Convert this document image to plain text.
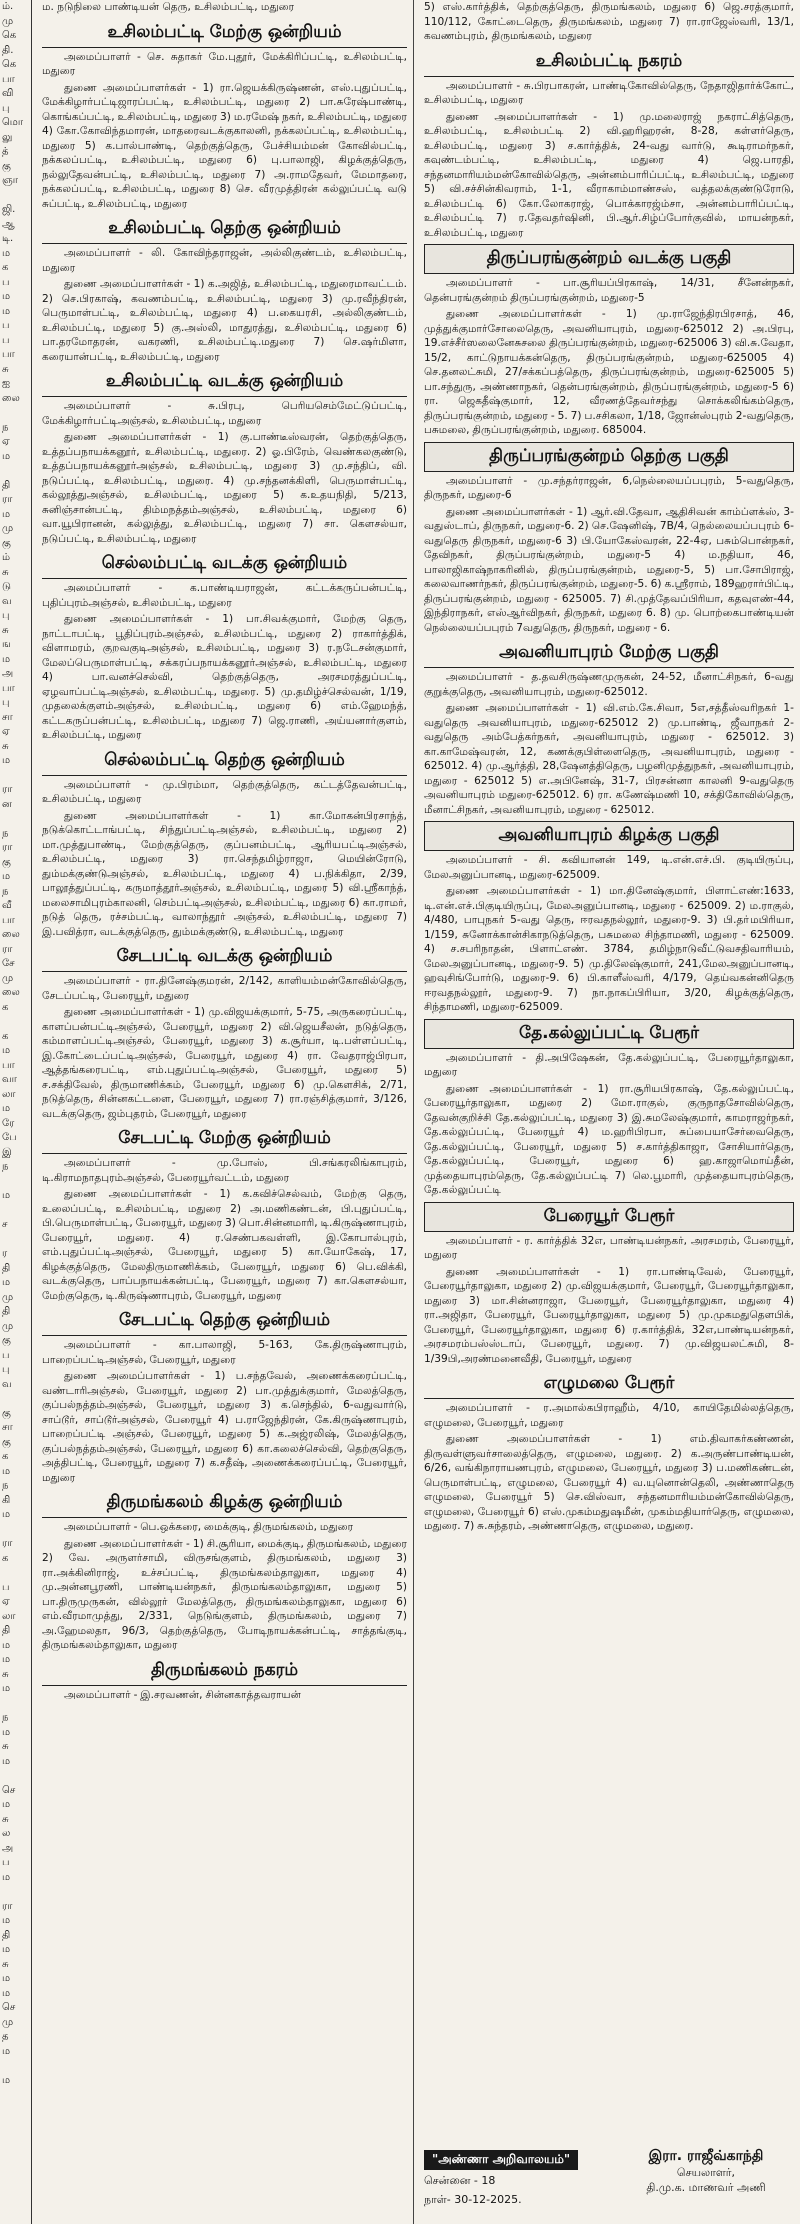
ம்.
மு
கெ
தி.
கெ
பா
வி
பு
மொ
லு
த்
கு
ஞா
ஜி.
ஆ
டி.
ம
க
ப
ம
ம
ப
ப
பா
சு
ஐ
லை
ந
ஏ
ம
தி
ரா
ம
மு
கு
ம்
சு
டு
வ
பு
சு
ங
ம
அ
பா
பு
சா
ஏ
சு
ம
ரா
ன
ந
ரா
கு
ம
ந
வீ
பா
லை
ரா
சே
மு
லை
க
க
ம
பா
வா
லா
ம
ரே
பே
இ
ந
ம
ச
ர
தி
ம
மு
தி
மு
கு
ப
பு
வ
கு
சா
கு
க
ம
ந
கி
ம
ரா
க
ப
ஏ
லா
தி
ம
ம
சு
ம
ந
ம
சு
ம
செ
ம
சு
ல
அ
ப
ம
ரா
ம
தி
ம
சு
ம
ம
செ
மு
த
ம
ம

ம. நடுநிலை பாண்டியன் தெரு, உசிலம்பட்டி, மதுரை

உசிலம்பட்டி மேற்கு ஒன்றியம்

அமைப்பாளர் - செ. சுதாகர் மே.புதூர், மேக்கிரிப்பட்டி, உசிலம்பட்டி, மதுரை

துணை அமைப்பாளர்கள் - 1) ரா.ஜெயக்கிருஷ்ணன், எஸ்.புதுப்பட்டி, மேக்கிழார்பட்டிஜாரப்பட்டி, உசிலம்பட்டி, மதுரை 2) பா.சுரேஷ்பாண்டி, கொங்கப்பட்டி, உசிலம்பட்டி, மதுரை 3) ம.ரமேஷ் நகர், உசிலம்பட்டி, மதுரை 4) கோ.கோவிந்தமாரன், மாதரைவடக்குகாலனி, நக்கலப்பட்டி, உசிலம்பட்டி, மதுரை 5) க.பால்பாண்டி, தெற்குத்தெரு, பேச்சியம்மன் கோவில்பட்டி, நக்கலப்பட்டி, உசிலம்பட்டி, மதுரை 6) பு.பாலாஜி, கிழக்குத்தெரு, நல்லுதேவன்பட்டி, உசிலம்பட்டி, மதுரை 7) அ.ராமதேவர், மேமாதரை, நக்கலப்பட்டி, உசிலம்பட்டி, மதுரை 8) செ. வீரமுத்திரன் கல்லுப்பட்டி வடு சுப்பட்டி, உசிலம்பட்டி, மதுரை

உசிலம்பட்டி தெற்கு ஒன்றியம்

அமைப்பாளர் - லி. கோவிந்தராஜன், அல்லிகுண்டம், உசிலம்பட்டி, மதுரை

துணை அமைப்பாளர்கள் - 1) க.அஜித், உசிலம்பட்டி, மதுரைமாவட்டம். 2) செ.பிரகாஷ், கவணம்பட்டி, உசிலம்பட்டி, மதுரை 3) மு.ரவீந்திரன், பெருமாள்பட்டி, உசிலம்பட்டி, மதுரை 4) ப.கையரசி, அல்லிகுண்டம், உசிலம்பட்டி, மதுரை 5) கு.அஸ்லி, மாதுரத்து, உசிலம்பட்டி, மதுரை 6) பா.தரமோதரன், வகரணி, உசிலம்பட்டி.மதுரை 7) செ.ஷர்மிளா, கரையான்பட்டி, உசிலம்பட்டி, மதுரை

உசிலம்பட்டி வடக்கு ஒன்றியம்

அமைப்பாளர் - சு.பிரபு, பெரியசெம்மேட்டுப்பட்டி, மேக்கிழார்பட்டிஅஞ்சல், உசிலம்பட்டி, மதுரை

துணை அமைப்பாளர்கள் - 1) கு.பாண்டீஸ்வரன், தெற்குத்தெரு, உத்தப்பநாயக்கனூர், உசிலம்பட்டி, மதுரை. 2) ஓ.பிரேம், வெண்கலகுண்டு, உத்தப்பநாயக்கனூர்அஞ்சல், உசிலம்பட்டி, மதுரை 3) மு.சந்திப், வி. நடுப்பட்டி, உசிலம்பட்டி, மதுரை. 4) மு.சந்தனக்கிளி, பெருமாள்பட்டி, கல்லூத்துஅஞ்சல், உசிலம்பட்டி, மதுரை 5) க.உதயநிதி, 5/213, சுனிஞ்சான்பட்டி, திம்மநத்தம்அஞ்சல், உசிலம்பட்டி, மதுரை 6) வா.யூபிரானன், கல்லுத்து, உசிலம்பட்டி, மதுரை 7) சா. கௌசல்யா, நடுப்பட்டி, உசிலம்பட்டி, மதுரை

செல்லம்பட்டி வடக்கு ஒன்றியம்

அமைப்பாளர் - க.பாண்டியராஜன், கட்டக்கருப்பன்பட்டி, புதிப்புரம்அஞ்சல், உசிலம்பட்டி, மதுரை

துணை அமைப்பாளர்கள் - 1) பா.சிவக்குமார், மேற்கு தெரு, நாட்டாபட்டி, பூதிப்புரம்அஞ்சல், உசிலம்பட்டி, மதுரை 2) ராகார்த்திக், விளாமரம், குறவகுடிஅஞ்சல், உசிலம்பட்டி, மதுரை 3) ர.நடேசன்குமார், மேலப்பெருமாள்பட்டி, சக்கரப்பநாயக்கனூர்அஞ்சல், உசிலம்பட்டி, மதுரை 4) பா.வனச்செல்வி, தெற்குத்தெரு, அரசமரத்துப்பட்டி, ஏழவாப்பட்டிஅஞ்சல், உசிலம்பட்டி, மதுரை. 5) மு.தமிழ்ச்செல்வன், 1/19, முதலைக்குளம்அஞ்சல், உசிலம்பட்டி, மதுரை 6) எம்.ஹேமந்த், கட்டகருப்பன்பட்டி, உசிலம்பட்டி, மதுரை 7) ஜெ.ராணி, அய்யனார்குளம், உசிலம்பட்டி, மதுரை

செல்லம்பட்டி தெற்கு ஒன்றியம்

அமைப்பாளர் - மு.பிரம்மா, தெற்குத்தெரு, கட்டத்தேவன்பட்டி, உசிலம்பட்டி, மதுரை

துணை அமைப்பாளர்கள் - 1) கா.மோகன்பிரசாந்த், நடுக்கொட்டாங்பட்டி, சிந்துப்பட்டிஅஞ்சல், உசிலம்பட்டி, மதுரை 2) மா.முத்துபாண்டி, மேற்குத்தெரு, குப்பனம்பட்டி, ஆரியபட்டிஅஞ்சல், உசிலம்பட்டி, மதுரை 3) ரா.செந்தமிழ்ராஜா, மெயின்ரோடு, தும்மக்குண்டுஅஞ்சல், உசிலம்பட்டி, மதுரை 4) ப.நிக்கிதா, 2/39, பாலூத்துப்பட்டி, கருமாத்தூர்அஞ்சல், உசிலம்பட்டி, மதுரை 5) வி.ஸ்ரீகாந்த், மலைசாமிபுரம்காலனி, செம்பட்டிஅஞ்சல், உசிலம்பட்டி, மதுரை 6) கா.ராமர், நடுத் தெரு, ரச்சம்பட்டி, வாலாந்தூர் அஞ்சல், உசிலம்பட்டி, மதுரை 7) இ.பவித்ரா, வடக்குத்தெரு, தும்மக்குண்டு, உசிலம்பட்டி, மதுரை

சேடபட்டி வடக்கு ஒன்றியம்

அமைப்பாளர் - ரா.தினேஷ்குமரன், 2/142, காளியம்மன்கோவில்தெரு, சேடப்பட்டி, பேரையூர், மதுரை

துணை அமைப்பாளர்கள் - 1) மு.விஜயக்குமார், 5-75, அருகரைப்பட்டி, காளப்பன்பட்டிஅஞ்சல், பேரையூர், மதுரை 2) வி.ஜெயசீலன், நடுத்தெரு, கம்மாளப்பட்டிஅஞ்சல், பேரையூர், மதுரை 3) க.சூர்யா, டி.பள்ளப்பட்டி, இ.கோட்டைப்பட்டிஅஞ்சல், பேரையூர், மதுரை 4) ரா. வேதராஜ்பிரபா, ஆத்தங்கரைபட்டி, எம்.புதுப்பட்டிஅஞ்சல், பேரையூர், மதுரை 5) ச.சக்திவேல், திருமாணிக்கம், பேரையூர், மதுரை 6) மு.கௌசிக், 2/71, நடுத்தெரு, சின்னகட்டளை, பேரையூர், மதுரை 7) ரா.ரஞ்சித்குமார், 3/126, வடக்குதெரு, ஜம்புதரம், பேரையூர், மதுரை

சேடபட்டி மேற்கு ஒன்றியம்

அமைப்பாளர் - மு.போஸ், பி.சங்கரலிங்காபுரம், டி.கிராமநாதபுரம்அஞ்சல், பேரையூர்வட்டம், மதுரை

துணை அமைப்பாளர்கள் - 1) க.கவிச்செல்வம், மேற்கு தெரு, உலைப்பட்டி, உசிலம்பட்டி, மதுரை 2) அ.மணிகண்டன், பி.புதுப்பட்டி, பி.பெருமாள்பட்டி, பேரையூர், மதுரை 3) பொ.சின்னமாரி, டி.கிருஷ்ணாபுரம், பேரையூர், மதுரை. 4) ர.செண்பகவள்ளி, இ.கோபால்புரம், எம்.புதுப்பட்டிஅஞ்சல், பேரையூர், மதுரை 5) கா.யோகேஷ், 17, கிழக்குத்தெரு, மேலதிருமாணிக்கம், பேரையூர், மதுரை 6) பெ.விக்கி, வடக்குதெரு, பாப்பநாயக்கன்பட்டி, பேரையூர், மதுரை 7) கா.கௌசல்யா, மேற்குதெரு, டி.கிருஷ்ணாபுரம், பேரையூர், மதுரை

சேடபட்டி தெற்கு ஒன்றியம்

அமைப்பாளர் - கா.பாலாஜி, 5-163, கே.திருஷ்ணாபுரம், பாறைப்பட்டிஅஞ்சல், பேரையூர், மதுரை

துணை அமைப்பாளர்கள் - 1) ப.சந்தவேல், அணைக்கரைப்பட்டி, வண்டாரிஅஞ்சல், பேரையூர், மதுரை 2) பா.முத்துக்குமார், மேலத்தெரு, குப்பல்நத்தம்அஞ்சல், பேரையூர், மதுரை 3) க.செந்தில், 6-வதுவார்டு, சாப்டூர், சாப்டூர்அஞ்சல், பேரையூர் 4) ப.ராஜேந்திரன், கே.கிருஷ்ணாபுரம், பாறைப்பட்டி அஞ்சல், பேரையூர், மதுரை 5) க.அஜ்ரலிஷ், மேலத்தெரு, குப்பல்நத்தம்அஞ்சல், பேரையூர், மதுரை 6) கா.கலைச்செல்வி, தெற்குதெரு, அத்திபட்டி, பேரையூர், மதுரை 7) க.சதீஷ், அணைக்கரைப்பட்டி, பேரையூர், மதுரை

திருமங்கலம் கிழக்கு ஒன்றியம்

அமைப்பாளர் - பெ.ஒக்கரை, மைக்குடி, திருமங்கலம், மதுரை

துணை அமைப்பாளர்கள் - 1) சி.சூரியா, மைக்குடி, திருமங்கலம், மதுரை 2) வே. அருளர்சாமி, விருசங்குளம், திருமங்கலம், மதுரை 3) ரா.அக்கினிராஜ், உச்சப்பட்டி, திருமங்கலம்தாலுகா, மதுரை 4) மு.அன்னபூரணி, பாண்டியன்நகர், திருமங்கலம்தாலுகா, மதுரை 5) பா.திருமுருகன், வில்லூர் மேலத்தெரு, திருமங்கலம்தாலுகா, மதுரை 6) எம்.வீரமாமுத்து, 2/331, நெடுங்குளம், திருமங்கலம், மதுரை 7) அ.ஹேமலதா, 96/3, தெற்குத்தெரு, போடிநாயக்கன்பட்டி, சாத்தங்குடி, திருமங்கலம்தாலுகா, மதுரை

திருமங்கலம் நகரம்

அமைப்பாளர் - இ.சரவணன், சின்னகாத்தவராயன்

5) எஸ்.கார்த்திக், தெற்குத்தெரு, திருமங்கலம், மதுரை 6) ஜெ.சரத்குமார், 110/112, கோட்டைதெரு, திருமங்கலம், மதுரை 7) ரா.ராஜேஸ்வரி, 13/1, கவணம்புரம், திருமங்கலம், மதுரை

உசிலம்பட்டி நகரம்

அமைப்பாளர் - சு.பிரபாகரன், பாண்டிகோவில்தெரு, நேதாஜிதார்க்கோட், உசிலம்பட்டி, மதுரை

துணை அமைப்பாளர்கள் - 1) மு.மலைராஜ் நகராட்சித்தெரு, உசிலம்பட்டி, உசிலம்பட்டி 2) வி.ஹரிஹரன், 8-28, கள்ளர்தெரு, உசிலம்பட்டி, மதுரை 3) ச.கார்த்திக், 24-வது வார்டு, கூடிராமர்நகர், கவுண்டம்பட்டி, உசிலம்பட்டி, மதுரை 4) ஜெ.பாரதி, சந்தனமாரியம்மன்கோவில்தெரு, அன்னம்பாரிப்பட்டி, உசிலம்பட்டி, மதுரை 5) வி.சச்சின்கிவராம், 1-1, வீராகாம்மாண்சஸ், வத்தலக்குண்டுரோடு, உசிலம்பட்டி 6) கோ.லோகராஜ், பொக்காரஜ்ம்சா, அன்னம்பாரிப்பட்டி, உசிலம்பட்டி 7) ர.தேவதர்ஷினி, பி.ஆர்.சிழ்ப்போர்குவில், மாயன்நகர், உசிலம்பட்டி, மதுரை

திருப்பரங்குன்றம் வடக்கு பகுதி

அமைப்பாளர் - பா.சூரியப்பிரகாஷ், 14/31, சீனேன்நகர், தென்பரங்குன்றம் திருப்பரங்குன்றம், மதுரை-5

துணை அமைப்பாளர்கள் - 1) மு.ராஜேந்திரபிரசாத், 46, முத்துக்குமார்சோலைதெரு, அவனியாபுரம், மதுரை-625012 2) அ.பிரபு, 19.எச்சீர்ஸலைனேசுசலை திருப்பரங்குன்றம், மதுரை-625006 3) வி.சு.வேதா, 15/2, காட்டுநாயக்கன்தெரு, திருப்பரங்குன்றம், மதுரை-625005 4) செ.தனலட்சுமி, 27/சக்கப்பத்தெரு, திருப்பரங்குன்றம், மதுரை-625005 5) பா.சந்துரு, அண்ணாநகர், தென்பரங்குன்றம், திருப்பரங்குன்றம், மதுரை-5 6) ரா. ஜெகதீஷ்குமார், 12, வீரணத்தேவர்சந்து சொக்கலிங்கம்தெரு, திருப்பரங்குன்றம், மதுரை - 5. 7) ப.சசிகலா, 1/18, ஜோன்ஸ்புரம் 2-வதுதெரு, பசுமலை, திருப்பரங்குன்றம், மதுரை. 685004.

திருப்பரங்குன்றம் தெற்கு பகுதி

அமைப்பாளர் - மு.சந்தர்ராஜன், 6,நெல்லையப்பபுரம், 5-வதுதெரு, திருநகர், மதுரை-6

துணை அமைப்பாளர்கள் - 1) ஆர்.வி.தேவா, ஆதிசிவன் காம்ப்ளக்ஸ், 3-வதுஸ்டாப், திருநகர், மதுரை-6. 2) செ.ஷேனிஷ், 7B/4, நெல்லையப்பபுரம் 6-வதுதெரு திருநகர், மதுரை-6 3) பி.யோகேஸ்வரன், 22-4ஏ, பசும்பொன்நகர், தேவிநகர், திருப்பரங்குன்றம், மதுரை-5 4) ம.நதியா, 46, பாலாஜிகாஷ்நாகரினில், திருப்பரங்குன்றம், மதுரை-5, 5) பா.சோபிராஜ், கலைவாணர்நகர், திருப்பரங்குன்றம், மதுரை-5. 6) க.ஸ்ரீராம், 189ஹரார்பிட்டி, திருப்பரங்குன்றம், மதுரை - 625005. 7) சி.முத்தேவப்பிரியா, கதவுஎண்-44, இந்திராநகர், எஸ்ஆர்விநகர், திருநகர், மதுரை 6. 8) மு. பொற்கைபாண்டியன் நெல்லையப்பபுரம் 7வதுதெரு, திருநகர், மதுரை - 6.

அவனியாபுரம் மேற்கு பகுதி

அமைப்பாளர் - த.தவசிருஷ்ணமுருகன், 24-52, மீனாட்சிநகர், 6-வது குறுக்குதெரு, அவனியாபுரம், மதுரை-625012.

துணை அமைப்பாளர்கள் - 1) வி.எம்.கே.சிவா, 5எ,சத்தீஸ்வரிநகர் 1-வதுதெரு அவனியாபுரம், மதுரை-625012 2) மு.பாண்டி, ஜீவாநகர் 2-வதுதெரு அம்பேத்கர்நகர், அவனியாபுரம், மதுரை - 625012. 3) கா.காமேஷ்வரன், 12, கணக்குபிள்ளைதெரு, அவனியாபுரம், மதுரை - 625012. 4) மு.ஆர்த்தி, 28,ஷேனத்திதெரு, பழனிமுத்துநகர், அவனியாபுரம், மதுரை - 625012 5) எ.அபினேஷ், 31-7, பிரசன்னா காலனி 9-வதுதெரு அவனியாபுரம் மதுரை-625012. 6) ரா. கணேஷ்மணி 10, சக்திகோவில்தெரு, மீனாட்சிநகர், அவனியாபுரம், மதுரை - 625012.

அவனியாபுரம் கிழக்கு பகுதி

அமைப்பாளர் - சி. கவியானன் 149, டி.என்.எச்.பி. குடியிருப்பு, மேலஅனுப்பானடி, மதுரை-625009.

துணை அமைப்பாளர்கள் - 1) மா.தினேஷ்குமார், பிளாட்எண்:1633, டி.என்.எச்.பிகுடியிருப்பு, மேலஅனுப்பானடி, மதுரை - 625009. 2) ம.ராகுல், 4/480, பாபுநகர் 5-வது தெரு, ஈரவதநல்லூர், மதுரை-9. 3) பி.தா்மபிரியா, 1/159, சுனோக்கான்சிகாநடுத்தெரு, பசுமலை சிந்தாமணி, மதுரை - 625009. 4) ச.சபரிநாதன், பிளாட்எண். 3784, தமிழ்நாடுவீட்டுவசதிவாரியம், மேலஅனுப்பானடி, மதுரை-9. 5) மு.திலேஷ்குமார், 241,மேலஅனுப்பானடி, ஹவுசிங்போர்டு, மதுரை-9. 6) பி.காளீஸ்வரி, 4/179, தெய்வகன்னிதெரு ஈரவதநல்லூர், மதுரை-9. 7) நா.நாகப்பிரியா, 3/20, கிழக்குத்தெரு, சிந்தாமணி, மதுரை-625009.

தே.கல்லுப்பட்டி பேரூர்

அமைப்பாளர் - தி.அபிஷேகன், தே.கல்லுப்பட்டி, பேரையூர்தாலுகா, மதுரை

துணை அமைப்பாளர்கள் - 1) ரா.சூரியபிரகாஷ், தே.கல்லுப்பட்டி, பேரையூர்தாலுகா, மதுரை 2) மோ.ராகுல், குருநாதசோவில்தெரு, தேவன்குறிச்சி தே.கல்லுப்பட்டி, மதுரை 3) இ.சுமலேஷ்குமார், காமராஜர்நகர், தே.கல்லுப்பட்டி, பேரையூர் 4) ம.ஹரிபிரபா, சுப்பையாசேர்வைதெரு, தே.கல்லுப்பட்டி, பேரையூர், மதுரை 5) ச.கார்த்திகாஜா, சோசியார்தெரு, தே.கல்லுப்பட்டி, பேரையூர், மதுரை 6) ஹ.காஜாமொய்தீன், முத்தையாபுரம்தெரு, தே.கல்லுப்பட்டி 7) லெ.பூமாரி, முத்தையாபுரம்தெரு, தே.கல்லுப்பட்டி

பேரையூர் பேரூர்

அமைப்பாளர் - ர. கார்த்திக் 32எ, பாண்டியன்நகர், அரசமரம், பேரையூர், மதுரை

துணை அமைப்பாளர்கள் - 1) ரா.பாண்டிவேல், பேரையூர், பேரையூர்தாலுகா, மதுரை 2) மு.விஜயக்குமார், பேரையூர், பேரையூர்தாலுகா, மதுரை 3) மா.சின்னராஜா, பேரையூர், பேரையூர்தாலுகா, மதுரை 4) ரா.அஜிதா, பேரையூர், பேரையூர்தாலுகா, மதுரை 5) மு.முகமதுதௌபிக், பேரையூர், பேரையூர்தாலுகா, மதுரை 6) ர.கார்த்திக், 32எ,பாண்டியன்நகர், அரசமரம்பஸ்ஸ்டாப், பேரையூர், மதுரை. 7) மு.விஜயலட்சுமி, 8-1/39பி,அரண்மனைவீதி, பேரையூர், மதுரை

எழுமலை பேரூர்

அமைப்பாளர் - ர.அமால்கபிராஹீம், 4/10, காயிதேமில்லத்தெரு, எழுமலை, பேரையூர், மதுரை

துணை அமைப்பாளர்கள் - 1) எம்.திவாகர்கண்ணன், திருவள்ளுவர்சாலைத்தெரு, எழுமலை, மதுரை. 2) க.அருண்பாண்டியன், 6/26, வங்கிநாராயணபுரம், எழுமலை, பேரையூர், மதுரை 3) ப.மணிகண்டன், பெருமாள்பட்டி, எழுமலை, பேரையூர் 4) வ.யுனொன்தெலி, அண்ணாதெரு எழுமலை, பேரையூர் 5) செ.விஸ்வா, சந்தனமாரியம்மன்கோவில்தெரு, எழுமலை, பேரையூர் 6) எஸ்.முகம்மதுஷமீன், முகம்மதியார்தெரு, எழுமலை, மதுரை. 7) சு.சுந்தரம், அண்ணாதெரு, எழுமலை, மதுரை.

"அண்ணா அறிவாலயம்"
சென்னை - 18
நாள்- 30-12-2025.
இரா. ராஜீவ்காந்தி
செயலாளர்,
தி.மு.க. மாணவர் அணி
